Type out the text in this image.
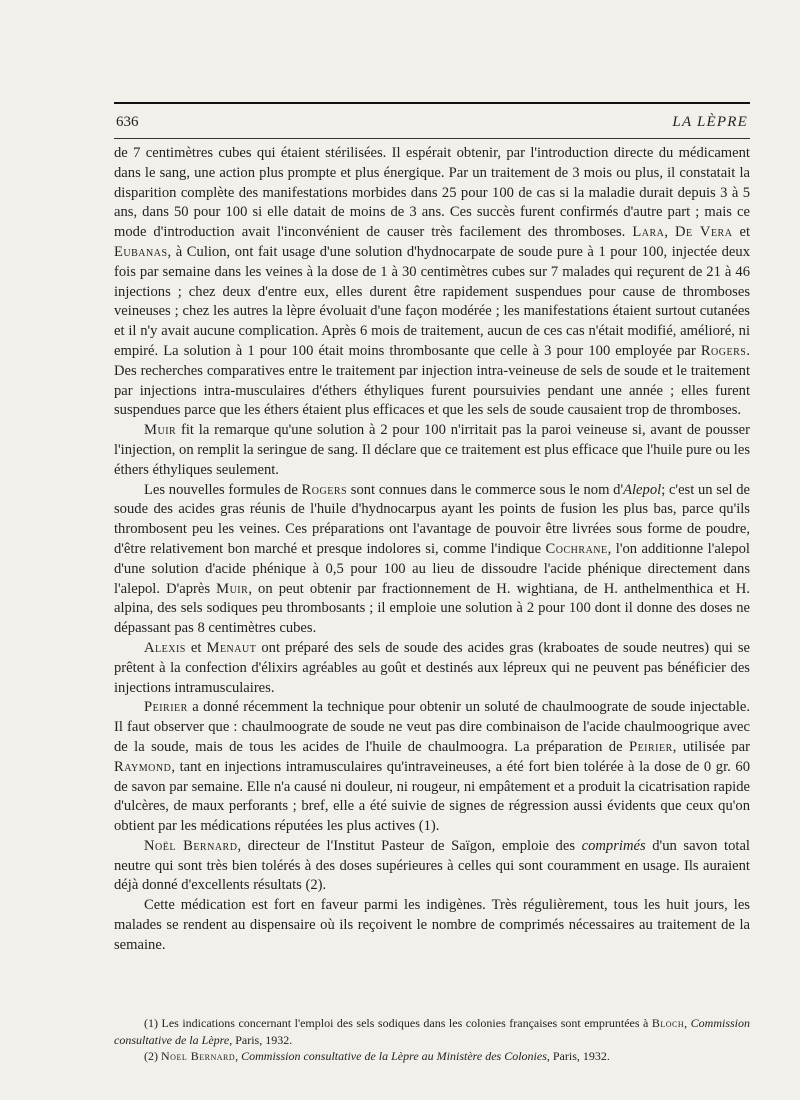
636	LA LÈPRE

de 7 centimètres cubes qui étaient stérilisées. Il espérait obtenir, par l'introduction directe du médicament dans le sang, une action plus prompte et plus énergique. Par un traitement de 3 mois ou plus, il constatait la disparition complète des manifestations morbides dans 25 pour 100 de cas si la maladie durait depuis 3 à 5 ans, dans 50 pour 100 si elle datait de moins de 3 ans. Ces succès furent confirmés d'autre part ; mais ce mode d'introduction avait l'inconvénient de causer très facilement des thromboses. Lara, De Vera et Eubanas, à Culion, ont fait usage d'une solution d'hydnocarpate de soude pure à 1 pour 100, injectée deux fois par semaine dans les veines à la dose de 1 à 30 centimètres cubes sur 7 malades qui reçurent de 21 à 46 injections ; chez deux d'entre eux, elles durent être rapidement suspendues pour cause de thromboses veineuses ; chez les autres la lèpre évoluait d'une façon modérée ; les manifestations étaient surtout cutanées et il n'y avait aucune complication. Après 6 mois de traitement, aucun de ces cas n'était modifié, amélioré, ni empiré. La solution à 1 pour 100 était moins thrombosante que celle à 3 pour 100 employée par Rogers. Des recherches comparatives entre le traitement par injection intra-veineuse de sels de soude et le traitement par injections intra-musculaires d'éthers éthyliques furent poursuivies pendant une année ; elles furent suspendues parce que les éthers étaient plus efficaces et que les sels de soude causaient trop de thromboses.

Muir fit la remarque qu'une solution à 2 pour 100 n'irritait pas la paroi veineuse si, avant de pousser l'injection, on remplit la seringue de sang. Il déclare que ce traitement est plus efficace que l'huile pure ou les éthers éthyliques seulement.

Les nouvelles formules de Rogers sont connues dans le commerce sous le nom d'Alepol; c'est un sel de soude des acides gras réunis de l'huile d'hydnocarpus ayant les points de fusion les plus bas, parce qu'ils thrombosent peu les veines. Ces préparations ont l'avantage de pouvoir être livrées sous forme de poudre, d'être relativement bon marché et presque indolores si, comme l'indique Cochrane, l'on additionne l'alepol d'une solution d'acide phénique à 0,5 pour 100 au lieu de dissoudre l'acide phénique directement dans l'alepol. D'après Muir, on peut obtenir par fractionnement de H. wightiana, de H. anthelmenthica et H. alpina, des sels sodiques peu thrombosants ; il emploie une solution à 2 pour 100 dont il donne des doses ne dépassant pas 8 centimètres cubes.

Alexis et Menaut ont préparé des sels de soude des acides gras (kraboates de soude neutres) qui se prêtent à la confection d'élixirs agréables au goût et destinés aux lépreux qui ne peuvent pas bénéficier des injections intramusculaires.

Peirier a donné récemment la technique pour obtenir un soluté de chaulmoograte de soude injectable. Il faut observer que : chaulmoograte de soude ne veut pas dire combinaison de l'acide chaulmoogrique avec de la soude, mais de tous les acides de l'huile de chaulmoogra. La préparation de Peirier, utilisée par Raymond, tant en injections intramusculaires qu'intraveineuses, a été fort bien tolérée à la dose de 0 gr. 60 de savon par semaine. Elle n'a causé ni douleur, ni rougeur, ni empâtement et a produit la cicatrisation rapide d'ulcères, de maux perforants ; bref, elle a été suivie de signes de régression aussi évidents que ceux qu'on obtient par les médications réputées les plus actives (1).

Noël Bernard, directeur de l'Institut Pasteur de Saïgon, emploie des comprimés d'un savon total neutre qui sont très bien tolérés à des doses supérieures à celles qui sont couramment en usage. Ils auraient déjà donné d'excellents résultats (2).

Cette médication est fort en faveur parmi les indigènes. Très régulièrement, tous les huit jours, les malades se rendent au dispensaire où ils reçoivent le nombre de comprimés nécessaires au traitement de la semaine.

(1) Les indications concernant l'emploi des sels sodiques dans les colonies françaises sont empruntées à Bloch, Commission consultative de la Lèpre, Paris, 1932.

(2) Noel Bernard, Commission consultative de la Lèpre au Ministère des Colonies, Paris, 1932.
